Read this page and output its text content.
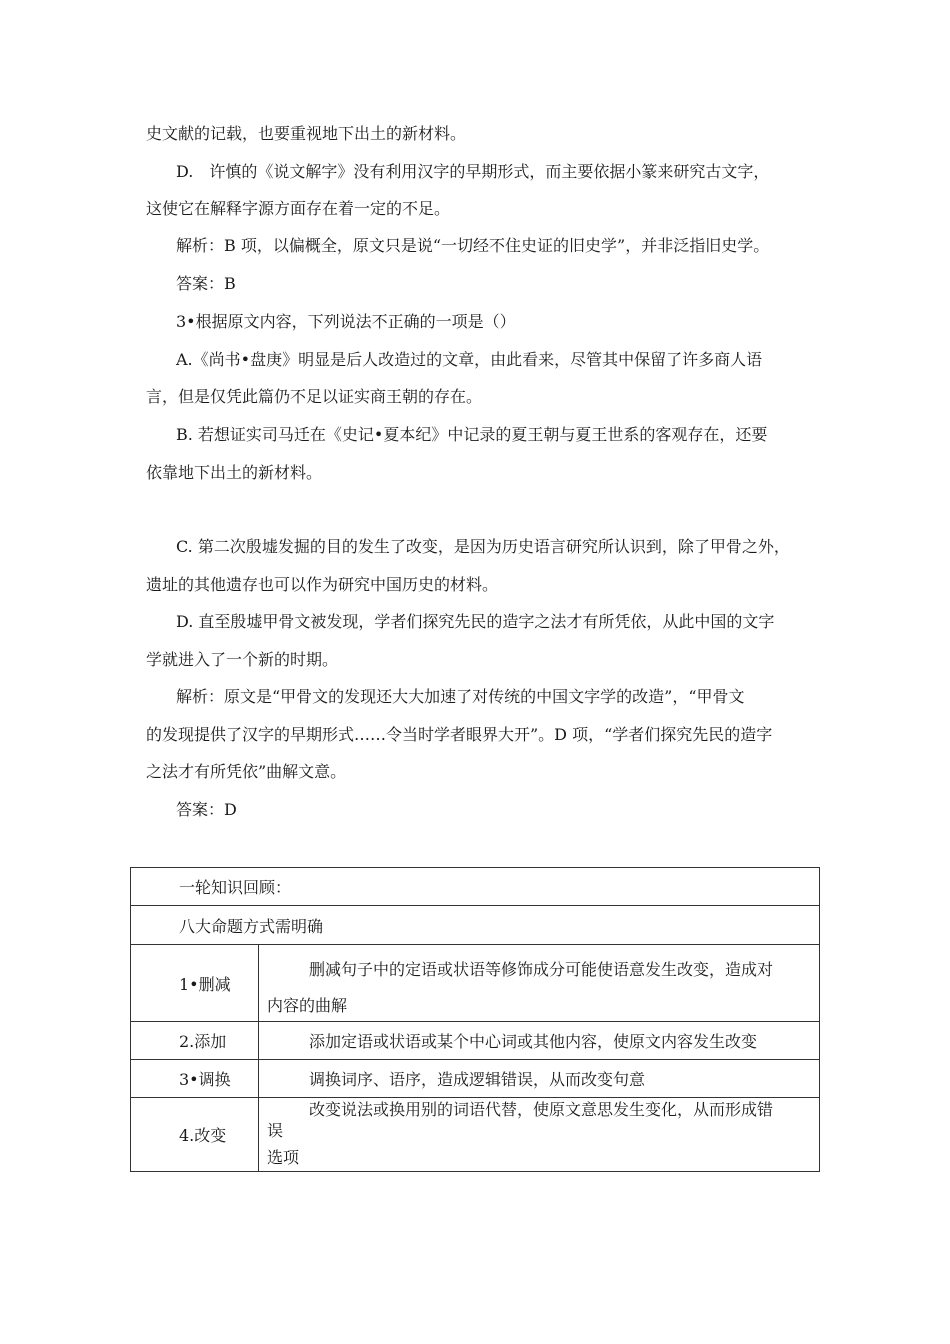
史文献的记载，也要重视地下出土的新材料。
D.　许慎的《说文解字》没有利用汉字的早期形式，而主要依据小篆来研究古文字，
这使它在解释字源方面存在着一定的不足。
解析：B 项，以偏概全，原文只是说“一切经不住史证的旧史学”，并非泛指旧史学。
答案：B
3•根据原文内容，下列说法不正确的一项是（）
A.《尚书•盘庚》明显是后人改造过的文章，由此看来，尽管其中保留了许多商人语
言，但是仅凭此篇仍不足以证实商王朝的存在。
B. 若想证实司马迁在《史记•夏本纪》中记录的夏王朝与夏王世系的客观存在，还要
依靠地下出土的新材料。
C. 第二次殷墟发掘的目的发生了改变，是因为历史语言研究所认识到，除了甲骨之外，
遗址的其他遗存也可以作为研究中国历史的材料。
D. 直至殷墟甲骨文被发现，学者们探究先民的造字之法才有所凭依，从此中国的文字
学就进入了一个新的时期。
解析：原文是“甲骨文的发现还大大加速了对传统的中国文字学的改造”，“甲骨文
的发现提供了汉字的早期形式……令当时学者眼界大开”。D 项，“学者们探究先民的造字
之法才有所凭依”曲解文意。
答案：D
一轮知识回顾：
八大命题方式需明确
1•删减
删减句子中的定语或状语等修饰成分可能使语意发生改变，造成对
内容的曲解
2.添加	添加定语或状语或某个中心词或其他内容，使原文内容发生改变
3•调换	调换词序、语序，造成逻辑错误，从而改变句意
4.改变
改变说法或换用别的词语代替，使原文意思发生变化，从而形成错
误
选项
